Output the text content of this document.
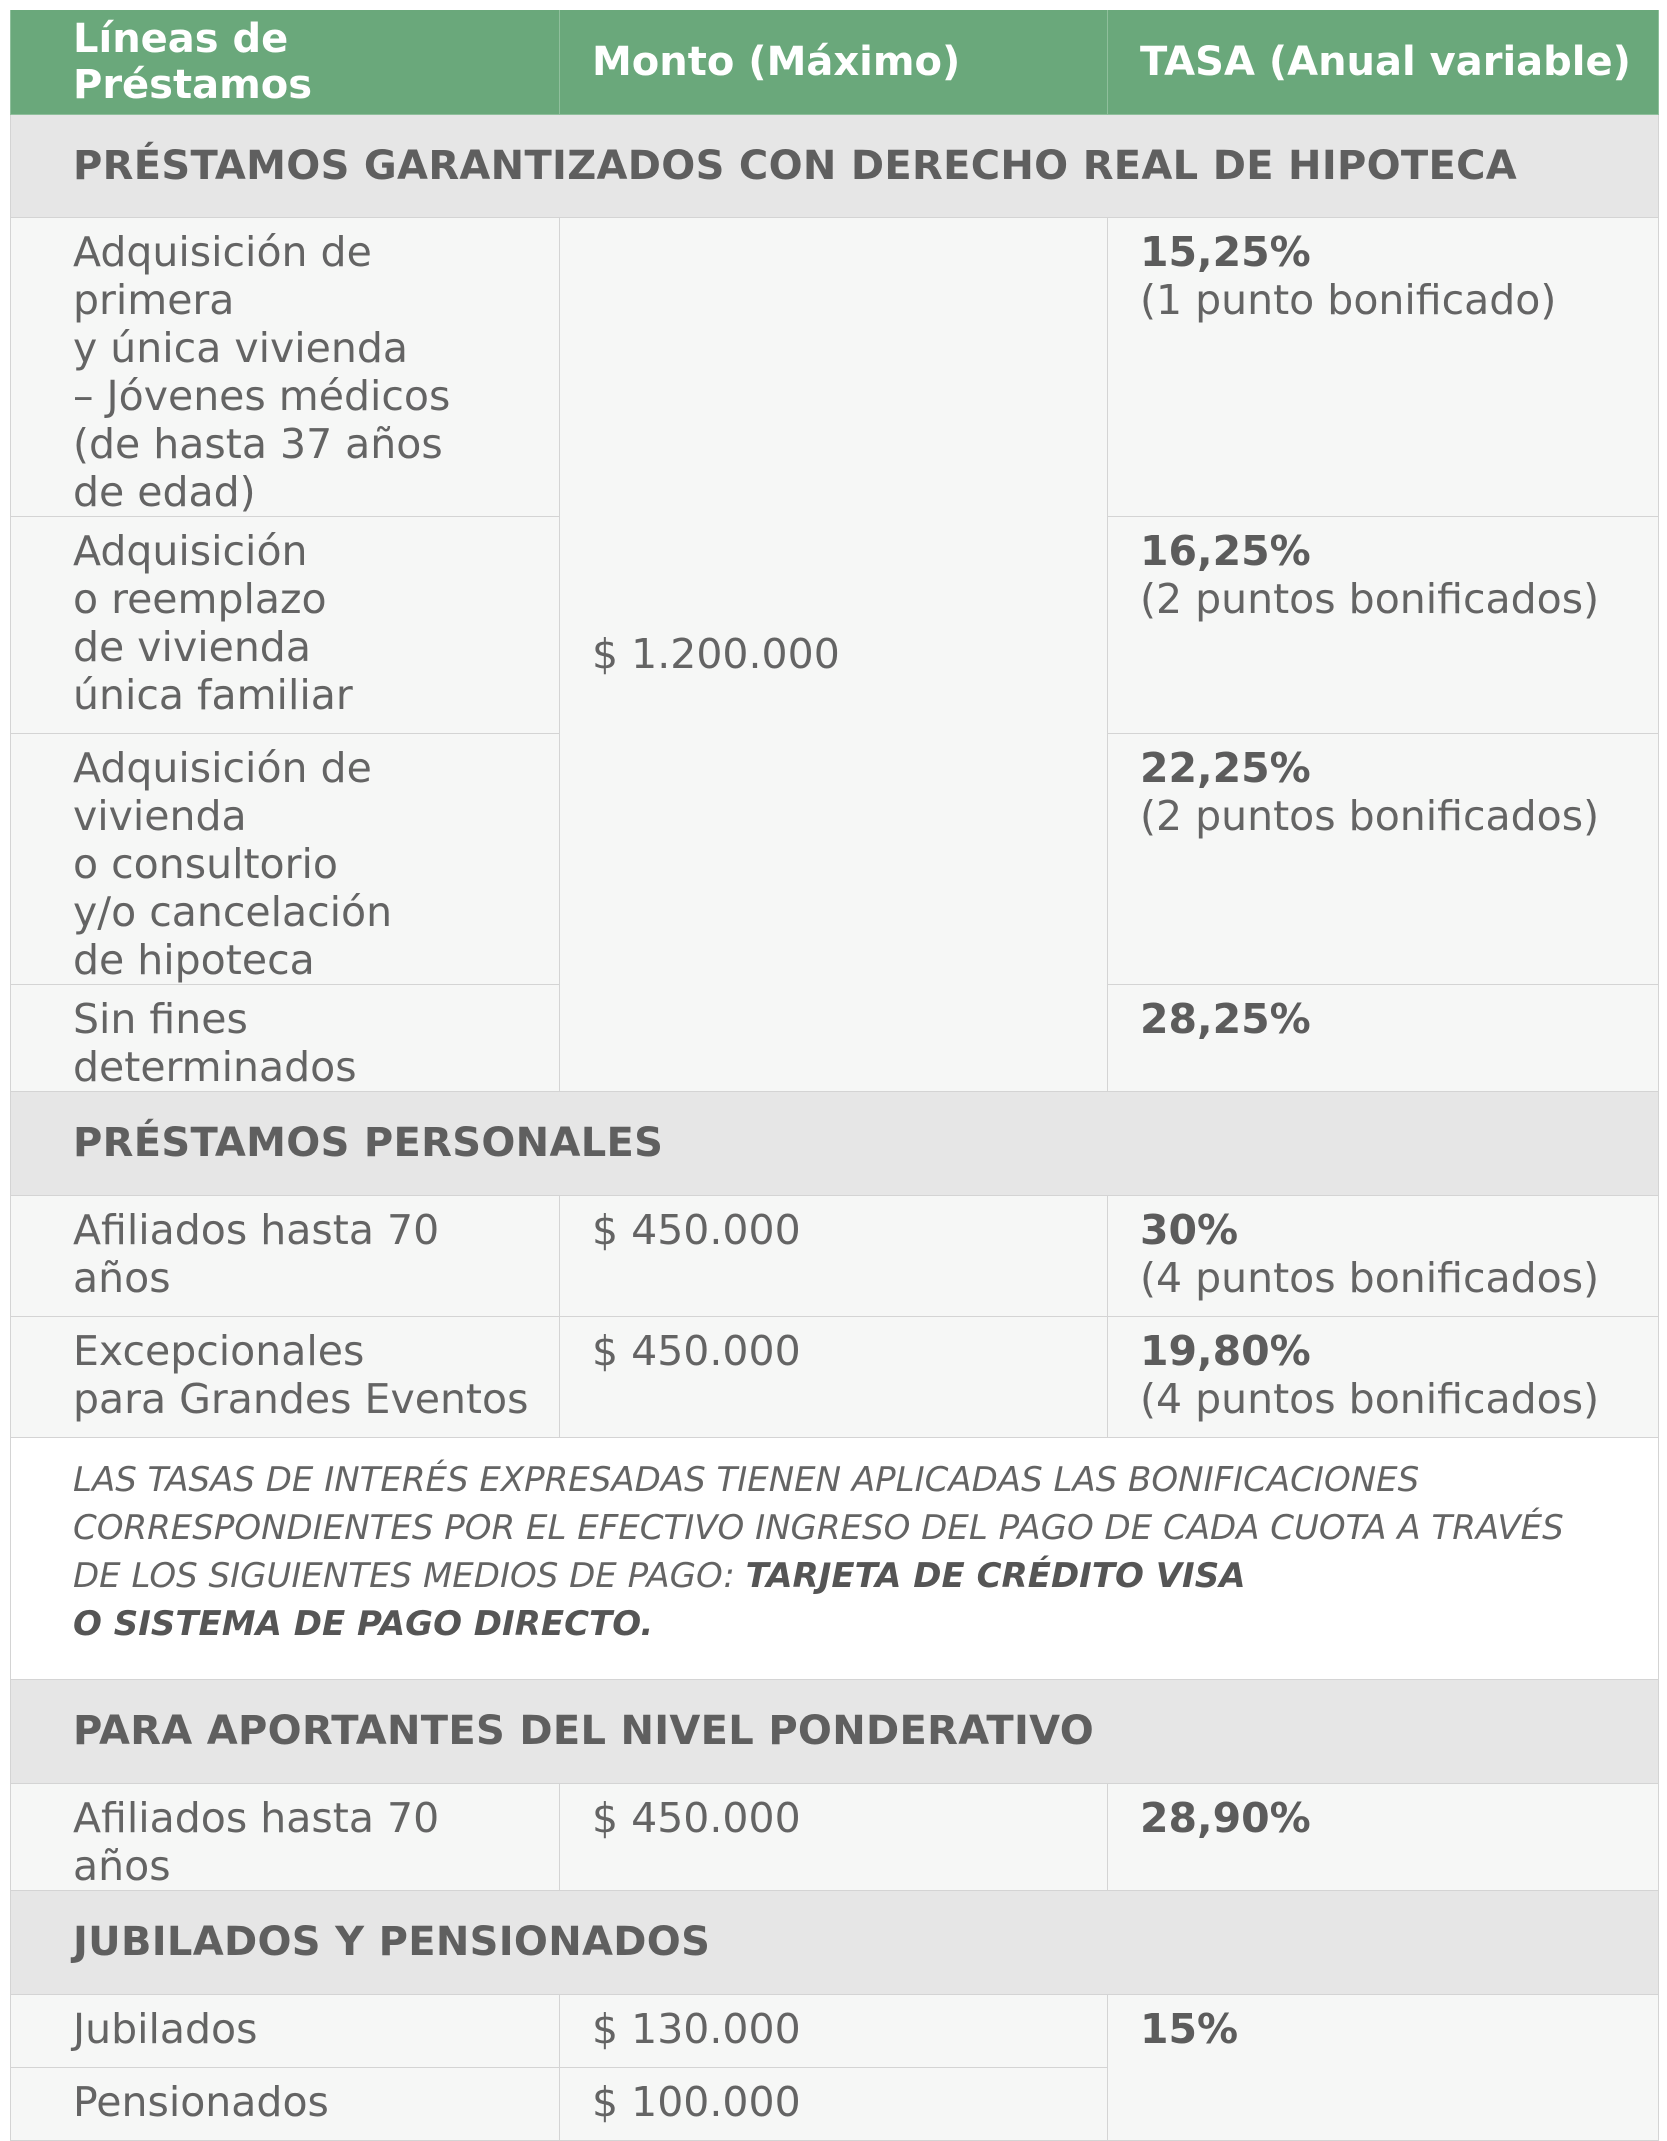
Líneas de Préstamos	Monto (Máximo)	TASA (Anual variable)
PRÉSTAMOS GARANTIZADOS CON DERECHO REAL DE HIPOTECA		

Adquisición de primera
y única vivienda
– Jóvenes médicos
(de hasta 37 años
de edad)	$ 1.200.000	15,25%
(1 punto bonificado)

Adquisición
o reemplazo
de vivienda
única familiar		16,25%
(2 puntos bonificados)

Adquisición de vivienda
o consultorio
y/o cancelación
de hipoteca		22,25%
(2 puntos bonificados)

Sin fines determinados		28,25%

PRÉSTAMOS PERSONALES		

Afiliados hasta 70 años	$ 450.000	30%
(4 puntos bonificados)

Excepcionales
para Grandes Eventos	$ 450.000	19,80%
(4 puntos bonificados)

LAS TASAS DE INTERÉS EXPRESADAS TIENEN APLICADAS LAS BONIFICACIONES
CORRESPONDIENTES POR EL EFECTIVO INGRESO DEL PAGO DE CADA CUOTA A TRAVÉS
DE LOS SIGUIENTES MEDIOS DE PAGO: TARJETA DE CRÉDITO VISA
O SISTEMA DE PAGO DIRECTO.		

PARA APORTANTES DEL NIVEL PONDERATIVO		

Afiliados hasta 70 años	$ 450.000	28,90%

JUBILADOS Y PENSIONADOS		

Jubilados	$ 130.000	15%

Pensionados	$ 100.000	
